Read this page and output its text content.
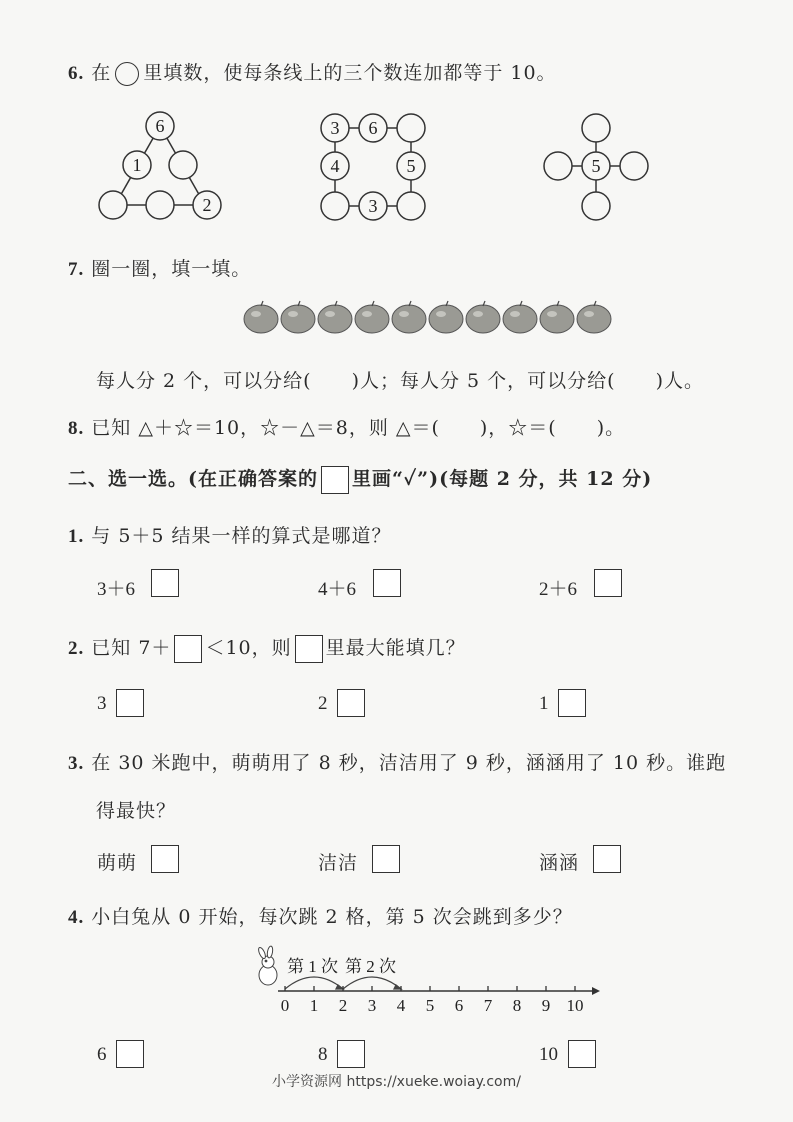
6. 在 里填数，使每条线上的三个数连加都等于 10。
6
1
2
3 6
4	5
3
5
7. 圈一圈，填一填。
每人分 2 个，可以分给(　　)人；每人分 5 个，可以分给(　　)人。
8. 已知 △＋☆＝10，☆－△＝8，则 △＝(　　)，☆＝(　　)。
二、选一选。(在正确答案的 里画“✓”)(每题 2 分，共 12 分)
1. 与 5＋5 结果一样的算式是哪道？
3＋6	4＋6	2＋6
2. 已知 7＋ ＜10，则 里最大能填几？
3	2	1
3. 在 30 米跑中，萌萌用了 8 秒，洁洁用了 9 秒，涵涵用了 10 秒。谁跑
得最快？
萌萌	洁洁	涵涵
4. 小白兔从 0 开始，每次跳 2 格，第 5 次会跳到多少？
第 1 次 第 2 次
0 1 2 3 4 5 6 7 8 9 10
6	8	10
小学资源网 https://xueke.woiay.com/
